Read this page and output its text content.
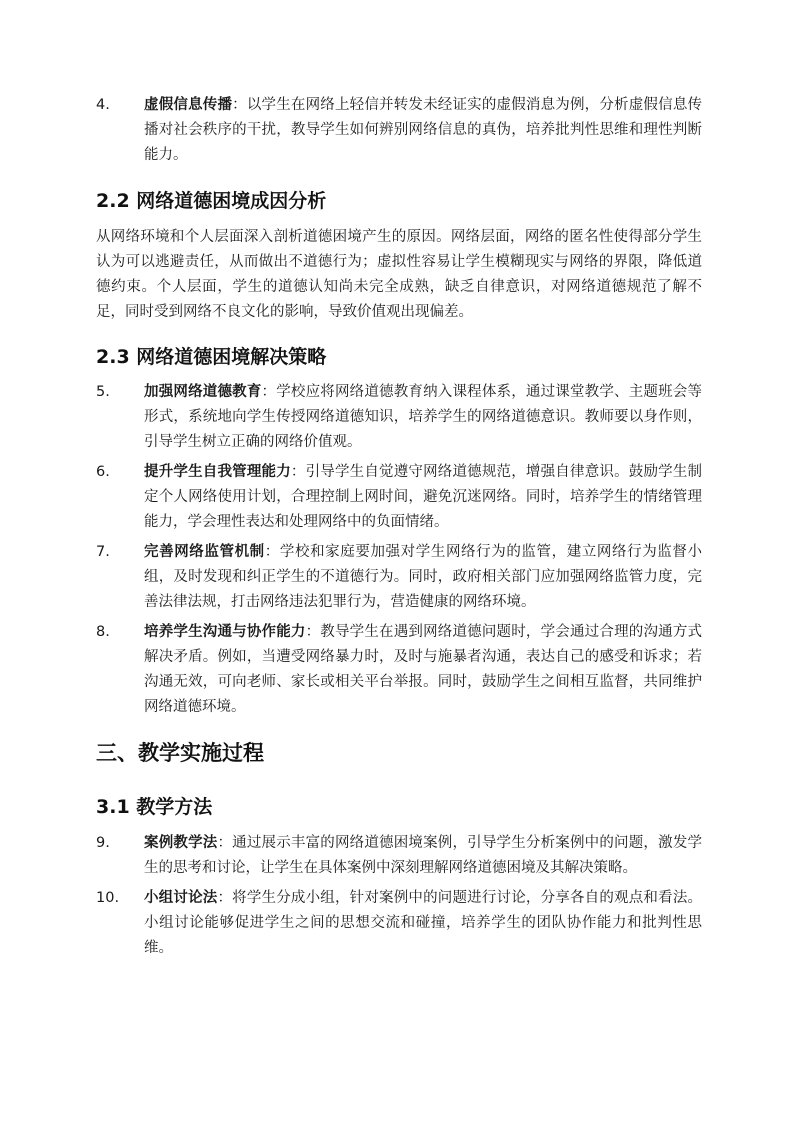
4.	虚假信息传播：以学生在网络上轻信并转发未经证实的虚假消息为例，分析虚假信息传播对社会秩序的干扰，教导学生如何辨别网络信息的真伪，培养批判性思维和理性判断能力。
2.2 网络道德困境成因分析
从网络环境和个人层面深入剖析道德困境产生的原因。网络层面，网络的匿名性使得部分学生认为可以逃避责任，从而做出不道德行为；虚拟性容易让学生模糊现实与网络的界限，降低道德约束。个人层面，学生的道德认知尚未完全成熟，缺乏自律意识，对网络道德规范了解不足，同时受到网络不良文化的影响，导致价值观出现偏差。
2.3 网络道德困境解决策略
5.	加强网络道德教育：学校应将网络道德教育纳入课程体系，通过课堂教学、主题班会等形式，系统地向学生传授网络道德知识，培养学生的网络道德意识。教师要以身作则，引导学生树立正确的网络价值观。
6.	提升学生自我管理能力：引导学生自觉遵守网络道德规范，增强自律意识。鼓励学生制定个人网络使用计划，合理控制上网时间，避免沉迷网络。同时，培养学生的情绪管理能力，学会理性表达和处理网络中的负面情绪。
7.	完善网络监管机制：学校和家庭要加强对学生网络行为的监管，建立网络行为监督小组，及时发现和纠正学生的不道德行为。同时，政府相关部门应加强网络监管力度，完善法律法规，打击网络违法犯罪行为，营造健康的网络环境。
8.	培养学生沟通与协作能力：教导学生在遇到网络道德问题时，学会通过合理的沟通方式解决矛盾。例如，当遭受网络暴力时，及时与施暴者沟通，表达自己的感受和诉求；若沟通无效，可向老师、家长或相关平台举报。同时，鼓励学生之间相互监督，共同维护网络道德环境。
三、教学实施过程
3.1 教学方法
9.	案例教学法：通过展示丰富的网络道德困境案例，引导学生分析案例中的问题，激发学生的思考和讨论，让学生在具体案例中深刻理解网络道德困境及其解决策略。
10.	小组讨论法：将学生分成小组，针对案例中的问题进行讨论，分享各自的观点和看法。小组讨论能够促进学生之间的思想交流和碰撞，培养学生的团队协作能力和批判性思维。
